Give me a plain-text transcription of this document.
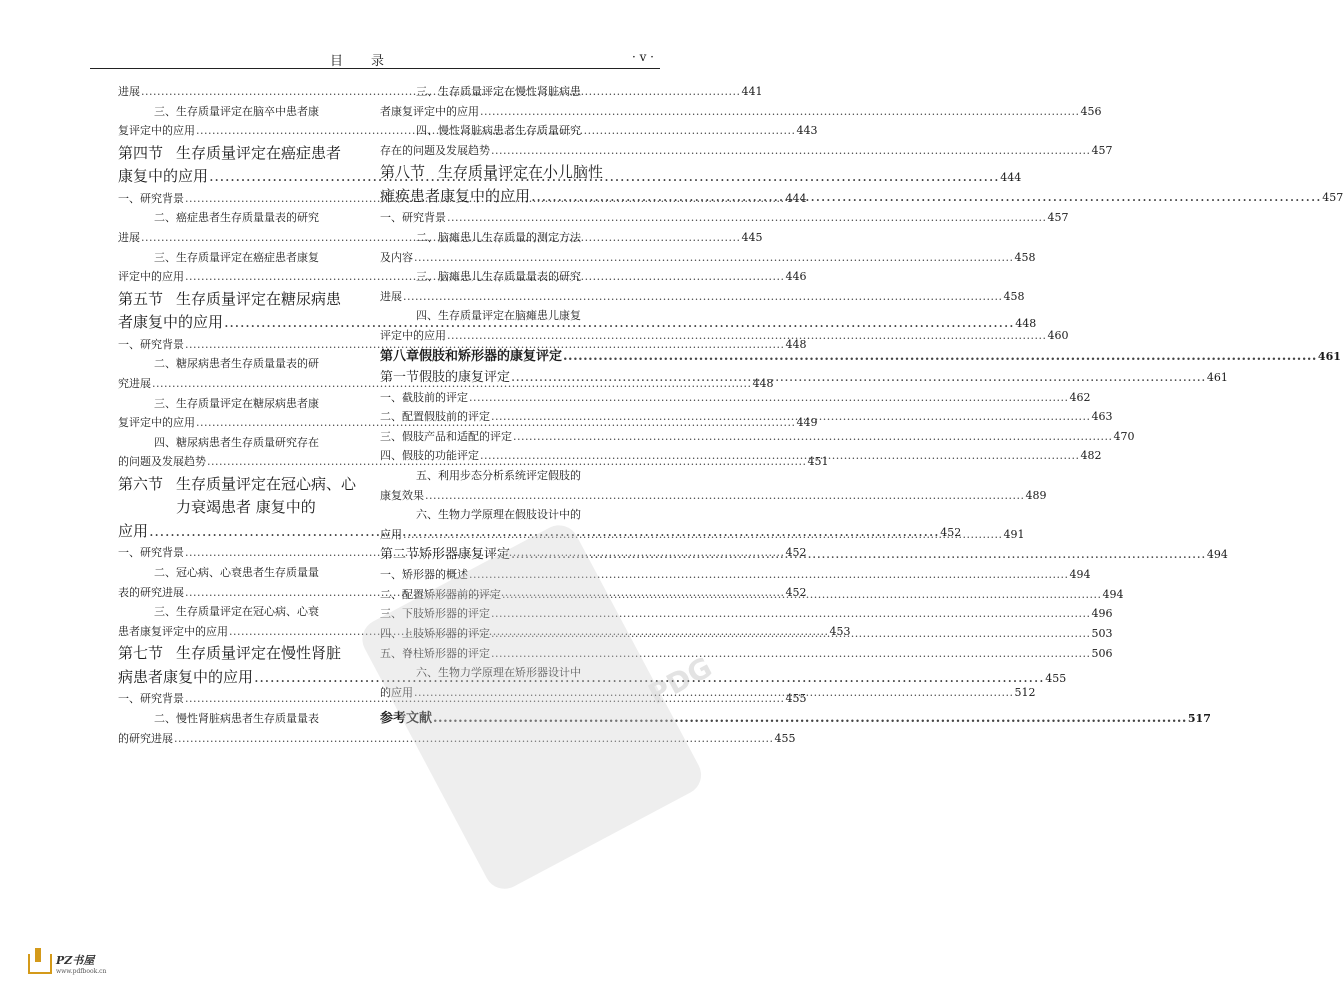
目 录	· v ·
进展 .....	441
三、 生存质量评定在脑卒中患者康
复评定中的应用 .....	443
第四节 生存质量评定在癌症患者
康复中的应用 .....	444
一、 研究背景 .....	444
二、 癌症患者生存质量量表的研究
进展 .....	445
三、 生存质量评定在癌症患者康复
评定中的应用 .....	446
第五节 生存质量评定在糖尿病患
者康复中的应用 .....	448
一、 研究背景 .....	448
二、 糖尿病患者生存质量量表的研
究进展 .....	448
三、 生存质量评定在糖尿病患者康
复评定中的应用 .....	449
四、 糖尿病患者生存质量研究存在
的问题及发展趋势 .....	451
第六节 生存质量评定在冠心病、心
力衰竭患者 康复中的
应用 .....	452
一、 研究背景 .....	452
二、 冠心病、心衰患者生存质量量
表的研究进展 .....	452
三、 生存质量评定在冠心病、心衰
患者康复评定中的应用 .....	453
第七节 生存质量评定在慢性肾脏
病患者康复中的应用 .....	455
一、 研究背景 .....	455
二、 慢性肾脏病患者生存质量量表
的研究进展 .....	455
三、 生存质量评定在慢性肾脏病患
者康复评定中的应用 .....	456
四、 慢性肾脏病患者生存质量研究
存在的问题及发展趋势 .....	457
第八节 生存质量评定在小儿脑性
瘫痪患者康复中的应用 .....	457
一、 研究背景 .....	457
二、 脑瘫患儿生存质量的测定方法
及内容 .....	458
三、 脑瘫患儿生存质量量表的研究
进展 .....	458
四、 生存质量评定在脑瘫患儿康复
评定中的应用 .....	460
第八章 假肢和矫形器的康复评定 .....	461
第一节 假肢的康复评定 .....	461
一、 截肢前的评定 .....	462
二、 配置假肢前的评定 .....	463
三、 假肢产品和适配的评定 .....	470
四、 假肢的功能评定 .....	482
五、 利用步态分析系统评定假肢的
康复效果 .....	489
六、 生物力学原理在假肢设计中的
应用 .....	491
第二节 矫形器康复评定 .....	494
一、 矫形器的概述 .....	494
二、 配置矫形器前的评定 .....	494
三、 下肢矫形器的评定 .....	496
四、 上肢矫形器的评定 .....	503
五、 脊柱矫形器的评定 .....	506
六、 生物力学原理在矫形器设计中
的应用 .....	512
参考文献 .....	517
PDG
PZ书屋
www.pdfbook.cn
